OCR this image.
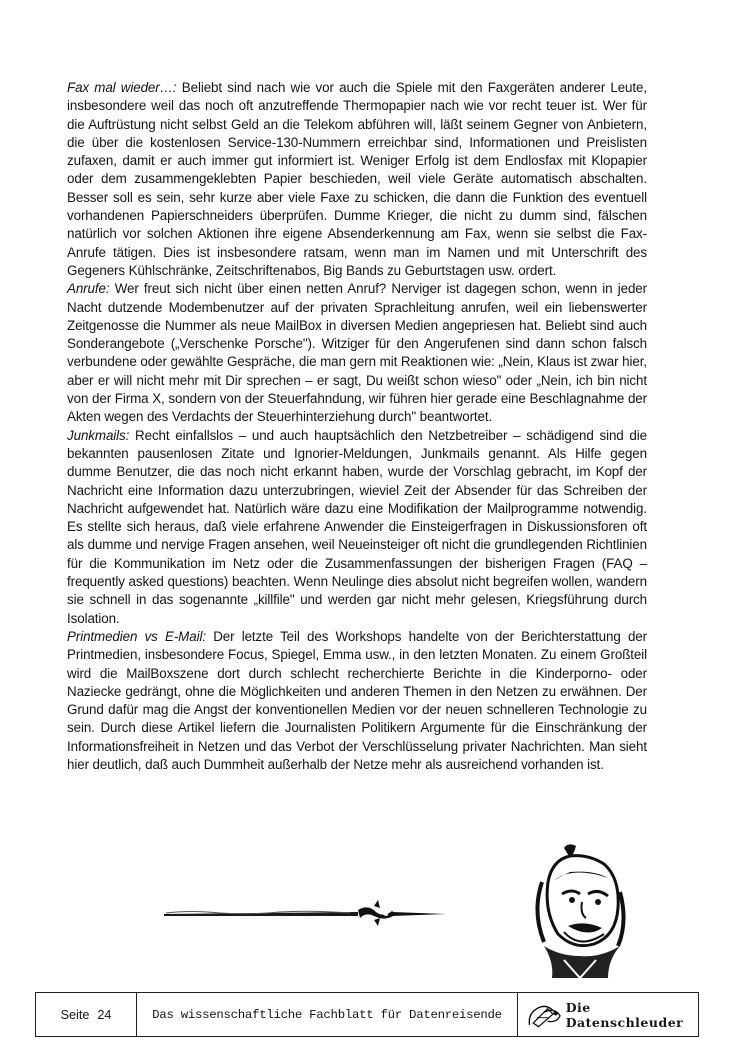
Fax mal wieder…: Beliebt sind nach wie vor auch die Spiele mit den Faxgeräten anderer Leute, insbesondere weil das noch oft anzutreffende Thermopapier nach wie vor recht teuer ist. Wer für die Auftrüstung nicht selbst Geld an die Telekom abführen will, läßt seinem Gegner von Anbietern, die über die kostenlosen Service-130-Nummern erreichbar sind, Informationen und Preislisten zufaxen, damit er auch immer gut informiert ist. Weniger Erfolg ist dem Endlosfax mit Klopapier oder dem zusammengeklebten Papier beschieden, weil viele Geräte automatisch abschalten. Besser soll es sein, sehr kurze aber viele Faxe zu schicken, die dann die Funktion des eventuell vorhandenen Papierschneiders überprüfen. Dumme Krieger, die nicht zu dumm sind, fälschen natürlich vor solchen Aktionen ihre eigene Absenderkennung am Fax, wenn sie selbst die Fax-Anrufe tätigen. Dies ist insbesondere ratsam, wenn man im Namen und mit Unterschrift des Gegeners Kühlschränke, Zeitschriftenabos, Big Bands zu Geburtstagen usw. ordert.

Anrufe: Wer freut sich nicht über einen netten Anruf? Nerviger ist dagegen schon, wenn in jeder Nacht dutzende Modembenutzer auf der privaten Sprachleitung anrufen, weil ein liebenswerter Zeitgenosse die Nummer als neue MailBox in diversen Medien angepriesen hat. Beliebt sind auch Sonderangebote („Verschenke Porsche"). Witziger für den Angerufenen sind dann schon falsch verbundene oder gewählte Gespräche, die man gern mit Reaktionen wie: „Nein, Klaus ist zwar hier, aber er will nicht mehr mit Dir sprechen – er sagt, Du weißt schon wieso" oder „Nein, ich bin nicht von der Firma X, sondern von der Steuerfahndung, wir führen hier gerade eine Beschlagnahme der Akten wegen des Verdachts der Steuerhinterziehung durch" beantwortet.

Junkmails: Recht einfallslos – und auch hauptsächlich den Netzbetreiber – schädigend sind die bekannten pausenlosen Zitate und Ignorier-Meldungen, Junkmails genannt. Als Hilfe gegen dumme Benutzer, die das noch nicht erkannt haben, wurde der Vorschlag gebracht, im Kopf der Nachricht eine Information dazu unterzubringen, wieviel Zeit der Absender für das Schreiben der Nachricht aufgewendet hat. Natürlich wäre dazu eine Modifikation der Mailprogramme notwendig. Es stellte sich heraus, daß viele erfahrene Anwender die Einsteigerfragen in Diskussionsforen oft als dumme und nervige Fragen ansehen, weil Neueinsteiger oft nicht die grundlegenden Richtlinien für die Kommunikation im Netz oder die Zusammenfassungen der bisherigen Fragen (FAQ – frequently asked questions) beachten. Wenn Neulinge dies absolut nicht begreifen wollen, wandern sie schnell in das sogenannte „killfile" und werden gar nicht mehr gelesen, Kriegsführung durch Isolation.

Printmedien vs E-Mail: Der letzte Teil des Workshops handelte von der Berichterstattung der Printmedien, insbesondere Focus, Spiegel, Emma usw., in den letzten Monaten. Zu einem Großteil wird die MailBoxszene dort durch schlecht recherchierte Berichte in die Kinderporno- oder Naziecke gedrängt, ohne die Möglichkeiten und anderen Themen in den Netzen zu erwähnen. Der Grund dafür mag die Angst der konventionellen Medien vor der neuen schnelleren Technologie zu sein. Durch diese Artikel liefern die Journalisten Politikern Argumente für die Einschränkung der Informationsfreiheit in Netzen und das Verbot der Verschlüsselung privater Nachrichten. Man sieht hier deutlich, daß auch Dummheit außerhalb der Netze mehr als ausreichend vorhanden ist.

Seite 24	Das wissenschaftliche Fachblatt für Datenreisende	Die Datenschleuder
